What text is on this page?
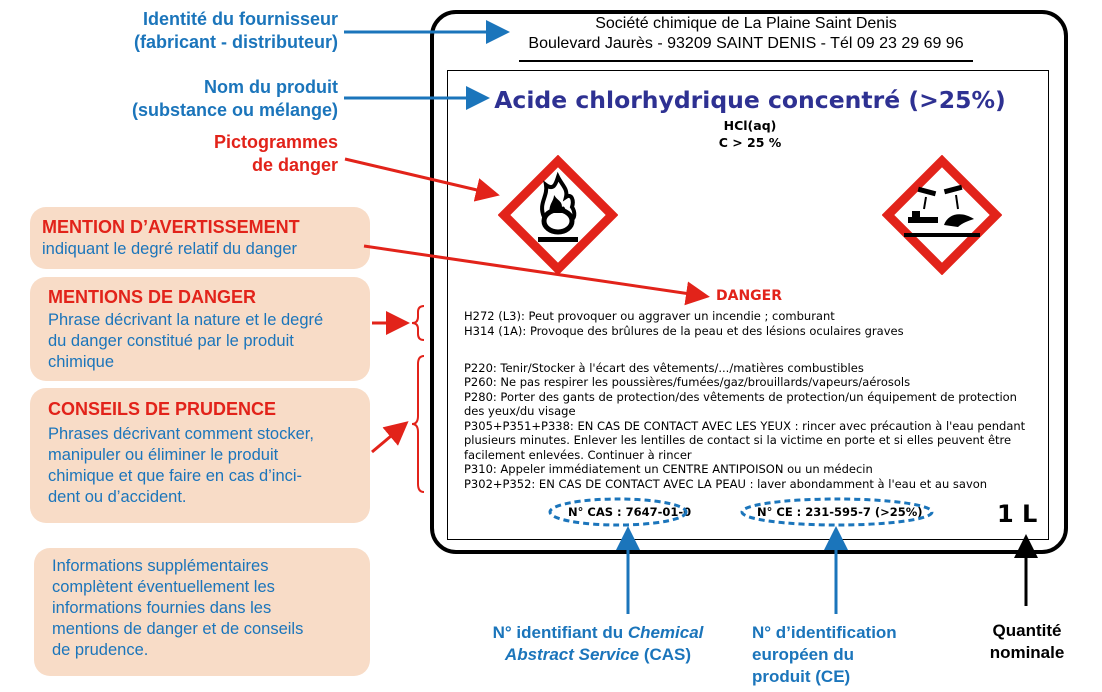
Société chimique de La Plaine Saint Denis
Boulevard Jaurès - 93209 SAINT DENIS - Tél 09 23 29 69 96
Acide chlorhydrique concentré (>25%)
HCl(aq)
C > 25 %
DANGER
H272 (L3): Peut provoquer ou aggraver un incendie ; comburant
H314 (1A): Provoque des brûlures de la peau et des lésions oculaires graves
P220: Tenir/Stocker à l'écart des vêtements/.../matières combustibles
P260: Ne pas respirer les poussières/fumées/gaz/brouillards/vapeurs/aérosols
P280: Porter des gants de protection/des vêtements de protection/un équipement de protection
des yeux/du visage
P305+P351+P338: EN CAS DE CONTACT AVEC LES YEUX : rincer avec précaution à l'eau pendant
plusieurs minutes. Enlever les lentilles de contact si la victime en porte et si elles peuvent être
facilement enlevées. Continuer à rincer
P310: Appeler immédiatement un CENTRE ANTIPOISON ou un médecin
P302+P352: EN CAS DE CONTACT AVEC LA PEAU : laver abondamment à l'eau et au savon
N° CAS : 7647-01-0	N° CE : 231-595-7 (>25%)	1 L
Identité du fournisseur
(fabricant - distributeur)
Nom du produit
(substance ou mélange)
Pictogrammes
de danger
MENTION D’AVERTISSEMENT
indiquant le degré relatif du danger
MENTIONS DE DANGER
Phrase décrivant la nature et le degré
du danger constitué par le produit
chimique
CONSEILS DE PRUDENCE
Phrases décrivant comment stocker,
manipuler ou éliminer le produit
chimique et que faire en cas d’inci-
dent ou d’accident.
Informations supplémentaires
complètent éventuellement les
informations fournies dans les
mentions de danger et de conseils
de prudence.
N° identifiant du Chemical
Abstract Service (CAS)
N° d’identification
européen du
produit (CE)
Quantité
nominale
